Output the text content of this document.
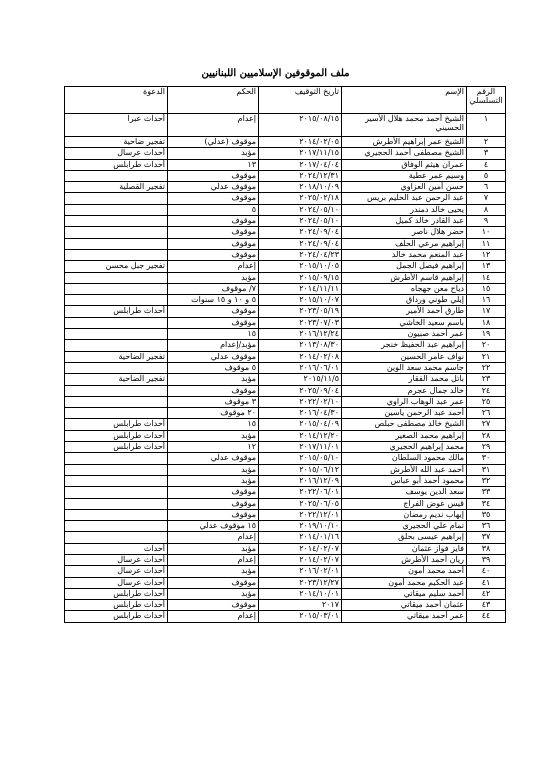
ملف الموقوفين الإسلاميين اللبنانيين
الرقم التسلسلي	الإسم	تاريخ التوقيف	الحكم	الدعوة
١	الشيخ أحمد محمد هلال الأسير الحسيني	٢٠١٥/٠٨/١٥	إعدام	أحداث عبرا
٢	الشيخ عمر إبراهيم الأطرش	٢٠١٤/٠٢/٠٥	موقوف (عدلي)	تفجير ضاحية
٣	الشيخ مصطفى أحمد الحجيري	٢٠١٧/١١/١٥	مؤبد	أحداث عرسال
٤	عمران هيثم الوفاق	٢٠١٧/٠٤/٠٤	١٣	أحداث طرابلس
٥	وسيم عمر عطية	٢٠٢٤/١٢/٣١	موقوف	
٦	حسن أمين العزاوي	٢٠١٨/١٠/٠٩	موقوف عدلي	تفجير القصلية
٧	عبد الرحمن عبد الحليم بريس	٢٠٢٥/٠٢/١٨	موقوف	
٨	يحيى خالد دمندر	٢٠٢٤/٠٥/١٠	٥	
٩	عبد القادر خالد كميل	٢٠٢٤/٠٥/١٠	موقوف	
١٠	حضر هلال ناصر	٢٠٢٤/٠٩/٠٤	موقوف	
١١	إبراهيم مرعي الحلف	٢٠٢٤/٠٩/٠٤	موقوف	
١٢	عبد المنعم محمد خالد	٢٠٢٤/٠٤/٢٣	موقوف	
١٣	إبراهيم فيصل الجمل	٢٠١٥/١٠/٠٥	إعدام	تفجير جبل محسن
١٤	إبراهيم قاسم الأطرش	٢٠١٥/٠٩/١٥	مؤبد	
١٥	دياح معن جهجاه	٢٠١٤/١١/١١	٧/ موقوف	
١٦	إيلي طوني ورداق	٢٠١٥/١٠/٠٧	٥ و ١٠ و ١٥ سنوات	
١٧	طارق أحمد الأمير	٢٠٢٣/٠٥/١٩	موقوف	أحداث طرابلس
١٨	باسم سعيد الخاشي	٢٠٢٣/٠٧/٠٣	موقوف	
١٩	عمر أحمد صبيون	٢٠١٦/١٢/٢٤	١٥	
٢٠	إبراهيم عبد الحفيظ خنجر	٢٠١٣/٠٨/٣٠	مؤبد/إعدام	
٢١	نواف عامر الحسين	٢٠١٤/٠٢/٠٨	موقوف عدلي	تفجير الضاحية
٢٢	جاسم محمد سعد الوين	٢٠١٦/٠٦/٠١	٥ موقوف	
٢٣	باتل محمد الفقار	٢٠١٥/١١/٥	مؤبد	تفجير الضاحية
٢٤	خالد جمال عجرم	٢٠٢٥/٠٩/٠٤	موقوف	
٢٥	عمر عبد الوهاب الراوي	٢٠٢٢/٠٢/١٠	٣ موقوف	
٢٦	أحمد عبد الرحمن ياسين	٢٠١٦/٠٤/٣٠	٢٠ موقوف	
٢٧	الشيخ خالد مصطفى حبلص	٢٠١٥/٠٤/٠٩	١٥	أحداث طرابلس
٢٨	إبراهيم محمد الصغير	٢٠١٤/١٢/٢٠	مؤبد	أحداث طرابلس
٢٩	محمد إبراهيم الحجيري	٢٠١٧/١١/٠١	١٢	أحداث طرابلس
٣٠	مالك محمود السلطان	٢٠١٥/٠٥/١٠	موقوف عدلي	
٣١	أحمد عبد الله الأطرش	٢٠١٥/٠٦/١٢	مؤبد	
٣٢	محمود أحمد أبو عباس	٢٠١٦/١٢/٠٩	مؤبد	
٣٣	سعد الدين يوسف	٢٠٢٢/٠٦/٠١	موقوف	
٣٤	قيس عوض الفراج	٢٠٢٥/٠٦/٠٥	موقوف	
٣٥	إيهاب نديم رمضان	٢٠٢٢/١٢/٠١	موقوف	
٣٦	تمام علي الحجيري	٢٠١٩/١٠/١٠	١٥ موقوف عدلي	
٣٧	إبراهيم عيسى بحلق	٢٠١٤/٠١/١٦	إعدام	
٣٨	فايز فواز عثمان	٢٠١٤/٠٢/٠٧	مؤبد	أحداث
٣٩	ريان أحمد الأطرش	٢٠١٤/٠٢/٠٧	إعدام	أحداث عرسال
٤٠	أحمد محمد أمون	٢٠١٦/٠٢/٠١	مؤبد	أحداث عرسال
٤١	عبد الحكيم محمد أمون	٢٠٢٣/١٢/٢٧	موقوف	أحداث عرسال
٤٢	أحمد سليم ميقاتي	٢٠١٤/١٠/٠١	مؤبد	أحداث طرابلس
٤٣	عثمان أحمد ميقاتي	٢٠١٧	موقوف	أحداث طرابلس
٤٤	عمر أحمد ميقاتي	٢٠١٥/٠٣/٠١	إعدام	أحداث طرابلس
